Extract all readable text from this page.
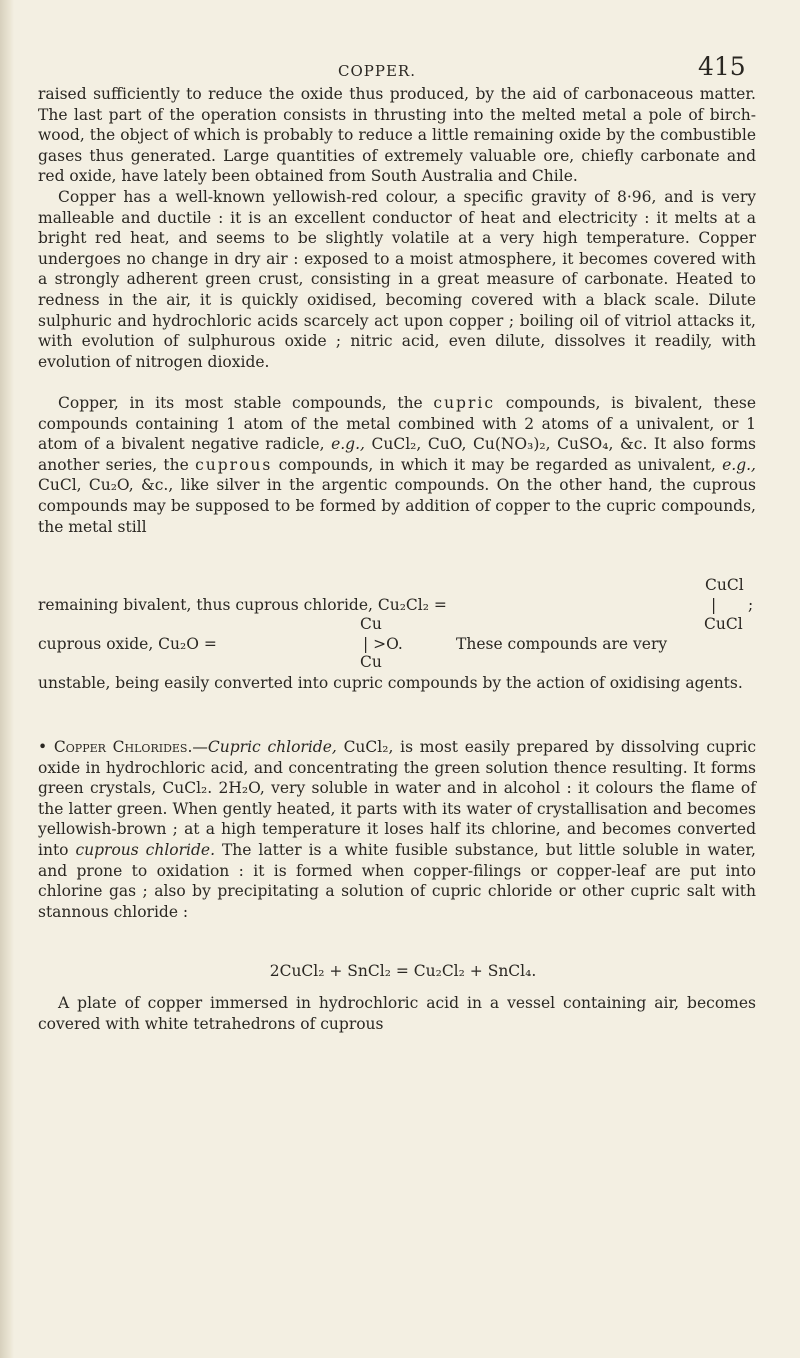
COPPER.	415

raised sufficiently to reduce the oxide thus produced, by the aid of carbonaceous matter. The last part of the operation consists in thrusting into the melted metal a pole of birch-wood, the object of which is probably to reduce a little remaining oxide by the combustible gases thus generated. Large quantities of extremely valuable ore, chiefly carbonate and red oxide, have lately been obtained from South Australia and Chile.

Copper has a well-known yellowish-red colour, a specific gravity of 8·96, and is very malleable and ductile : it is an excellent conductor of heat and electricity : it melts at a bright red heat, and seems to be slightly volatile at a very high temperature. Copper undergoes no change in dry air : exposed to a moist atmosphere, it becomes covered with a strongly adherent green crust, consisting in a great measure of carbonate. Heated to redness in the air, it is quickly oxidised, becoming covered with a black scale. Dilute sulphuric and hydrochloric acids scarcely act upon copper ; boiling oil of vitriol attacks it, with evolution of sulphurous oxide ; nitric acid, even dilute, dissolves it readily, with evolution of nitrogen dioxide.

Copper, in its most stable compounds, the cupric compounds, is bivalent, these compounds containing 1 atom of the metal combined with 2 atoms of a univalent, or 1 atom of a bivalent negative radicle, e.g., CuCl₂, CuO, Cu(NO₃)₂, CuSO₄, &c. It also forms another series, the cuprous compounds, in which it may be regarded as univalent, e.g., CuCl, Cu₂O, &c., like silver in the argentic compounds. On the other hand, the cuprous compounds may be supposed to be formed by addition of copper to the cupric compounds, the metal still

CuCl
remaining bivalent, thus cuprous chloride, Cu₂Cl₂ =	| ;
Cu	CuCl
cuprous oxide, Cu₂O =	| >O.	These compounds are very
Cu

unstable, being easily converted into cupric compounds by the action of oxidising agents.

• Copper Chlorides.—Cupric chloride, CuCl₂, is most easily prepared by dissolving cupric oxide in hydrochloric acid, and concentrating the green solution thence resulting. It forms green crystals, CuCl₂. 2H₂O, very soluble in water and in alcohol : it colours the flame of the latter green. When gently heated, it parts with its water of crystallisation and becomes yellowish-brown ; at a high temperature it loses half its chlorine, and becomes converted into cuprous chloride. The latter is a white fusible substance, but little soluble in water, and prone to oxidation : it is formed when copper-filings or copper-leaf are put into chlorine gas ; also by precipitating a solution of cupric chloride or other cupric salt with stannous chloride :

2CuCl₂ + SnCl₂ = Cu₂Cl₂ + SnCl₄.

A plate of copper immersed in hydrochloric acid in a vessel containing air, becomes covered with white tetrahedrons of cuprous
